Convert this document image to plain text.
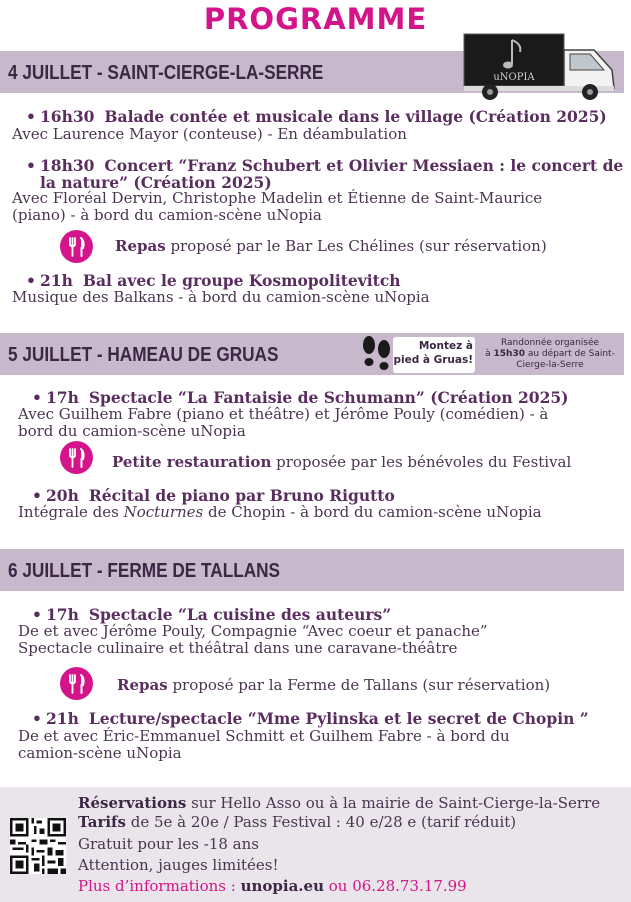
PROGRAMME
4 JUILLET - SAINT-CIERGE-LA-SERRE	uNOPIA
• 16h30 Balade contée et musicale dans le village (Création 2025)
Avec Laurence Mayor (conteuse) - En déambulation
• 18h30 Concert “Franz Schubert et Olivier Messiaen : le concert de
la nature” (Création 2025)
Avec Floréal Dervin, Christophe Madelin et Étienne de Saint-Maurice
(piano) - à bord du camion-scène uNopia
Repas proposé par le Bar Les Chélines (sur réservation)
• 21h Bal avec le groupe Kosmopolitevitch
Musique des Balkans - à bord du camion-scène uNopia
5 JUILLET - HAMEAU DE GRUAS	Montez à
pied à Gruas!
Randonnée organisée
à 15h30 au départ de Saint-
Cierge-la-Serre
• 17h Spectacle “La Fantaisie de Schumann” (Création 2025)
Avec Guilhem Fabre (piano et théâtre) et Jérôme Pouly (comédien) - à
bord du camion-scène uNopia
Petite restauration proposée par les bénévoles du Festival
• 20h Récital de piano par Bruno Rigutto
Intégrale des Nocturnes de Chopin - à bord du camion-scène uNopia
6 JUILLET - FERME DE TALLANS
• 17h Spectacle “La cuisine des auteurs”
De et avec Jérôme Pouly, Compagnie “Avec coeur et panache”
Spectacle culinaire et théâtral dans une caravane-théâtre
Repas proposé par la Ferme de Tallans (sur réservation)
• 21h Lecture/spectacle “Mme Pylinska et le secret de Chopin ”
De et avec Éric-Emmanuel Schmitt et Guilhem Fabre - à bord du
camion-scène uNopia
Réservations sur Hello Asso ou à la mairie de Saint-Cierge-la-Serre
Tarifs de 5e à 20e / Pass Festival : 40 e/28 e (tarif réduit)
Gratuit pour les -18 ans
Attention, jauges limitées!
Plus d’informations : unopia.eu ou 06.28.73.17.99
